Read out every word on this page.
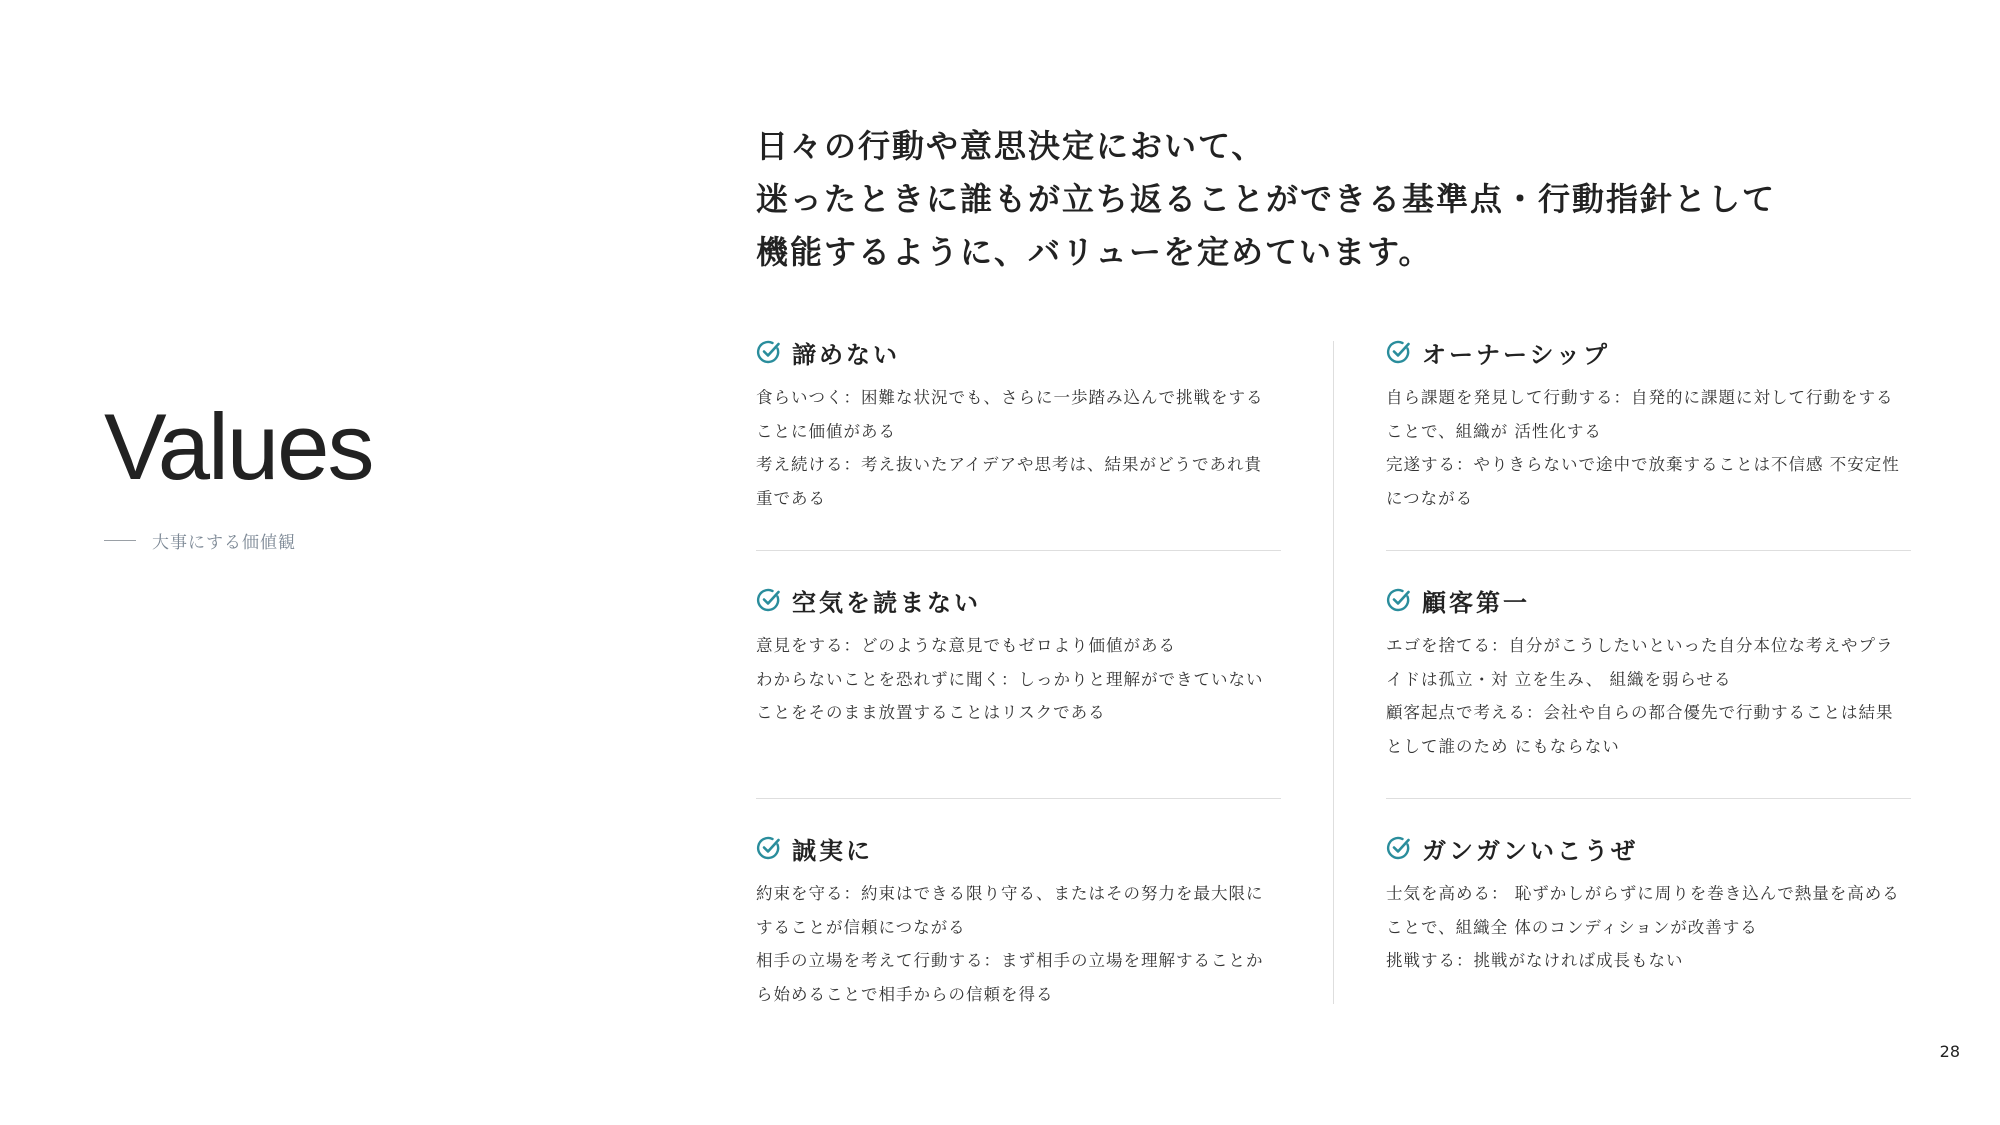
Values
大事にする価値観

日々の行動や意思決定において、
迷ったときに誰もが立ち返ることができる基準点・行動指針として
機能するように、バリューを定めています。

諦めない

食らいつく：困難な状況でも、さらに一歩踏み込んで挑戦をする

ことに価値がある

考え続ける：考え抜いたアイデアや思考は、結果がどうであれ貴

重である

オーナーシップ

自ら課題を発見して行動する：自発的に課題に対して行動をする

ことで、組織が 活性化する

完遂する：やりきらないで途中で放棄することは不信感 不安定性

につながる

空気を読まない

意見をする：どのような意見でもゼロより価値がある

わからないことを恐れずに聞く：しっかりと理解ができていない

ことをそのまま放置することはリスクである

顧客第一

エゴを捨てる：自分がこうしたいといった自分本位な考えやプラ

イドは孤立・対 立を生み、 組織を弱らせる

顧客起点で考える：会社や自らの都合優先で行動することは結果

として誰のため にもならない

誠実に

約束を守る：約束はできる限り守る、またはその努力を最大限に

することが信頼につながる

相手の立場を考えて行動する：まず相手の立場を理解することか

ら始めることで相手からの信頼を得る

ガンガンいこうぜ

士気を高める： 恥ずかしがらずに周りを巻き込んで熱量を高める

ことで、組織全 体のコンディションが改善する

挑戦する：挑戦がなければ成長もない

28
